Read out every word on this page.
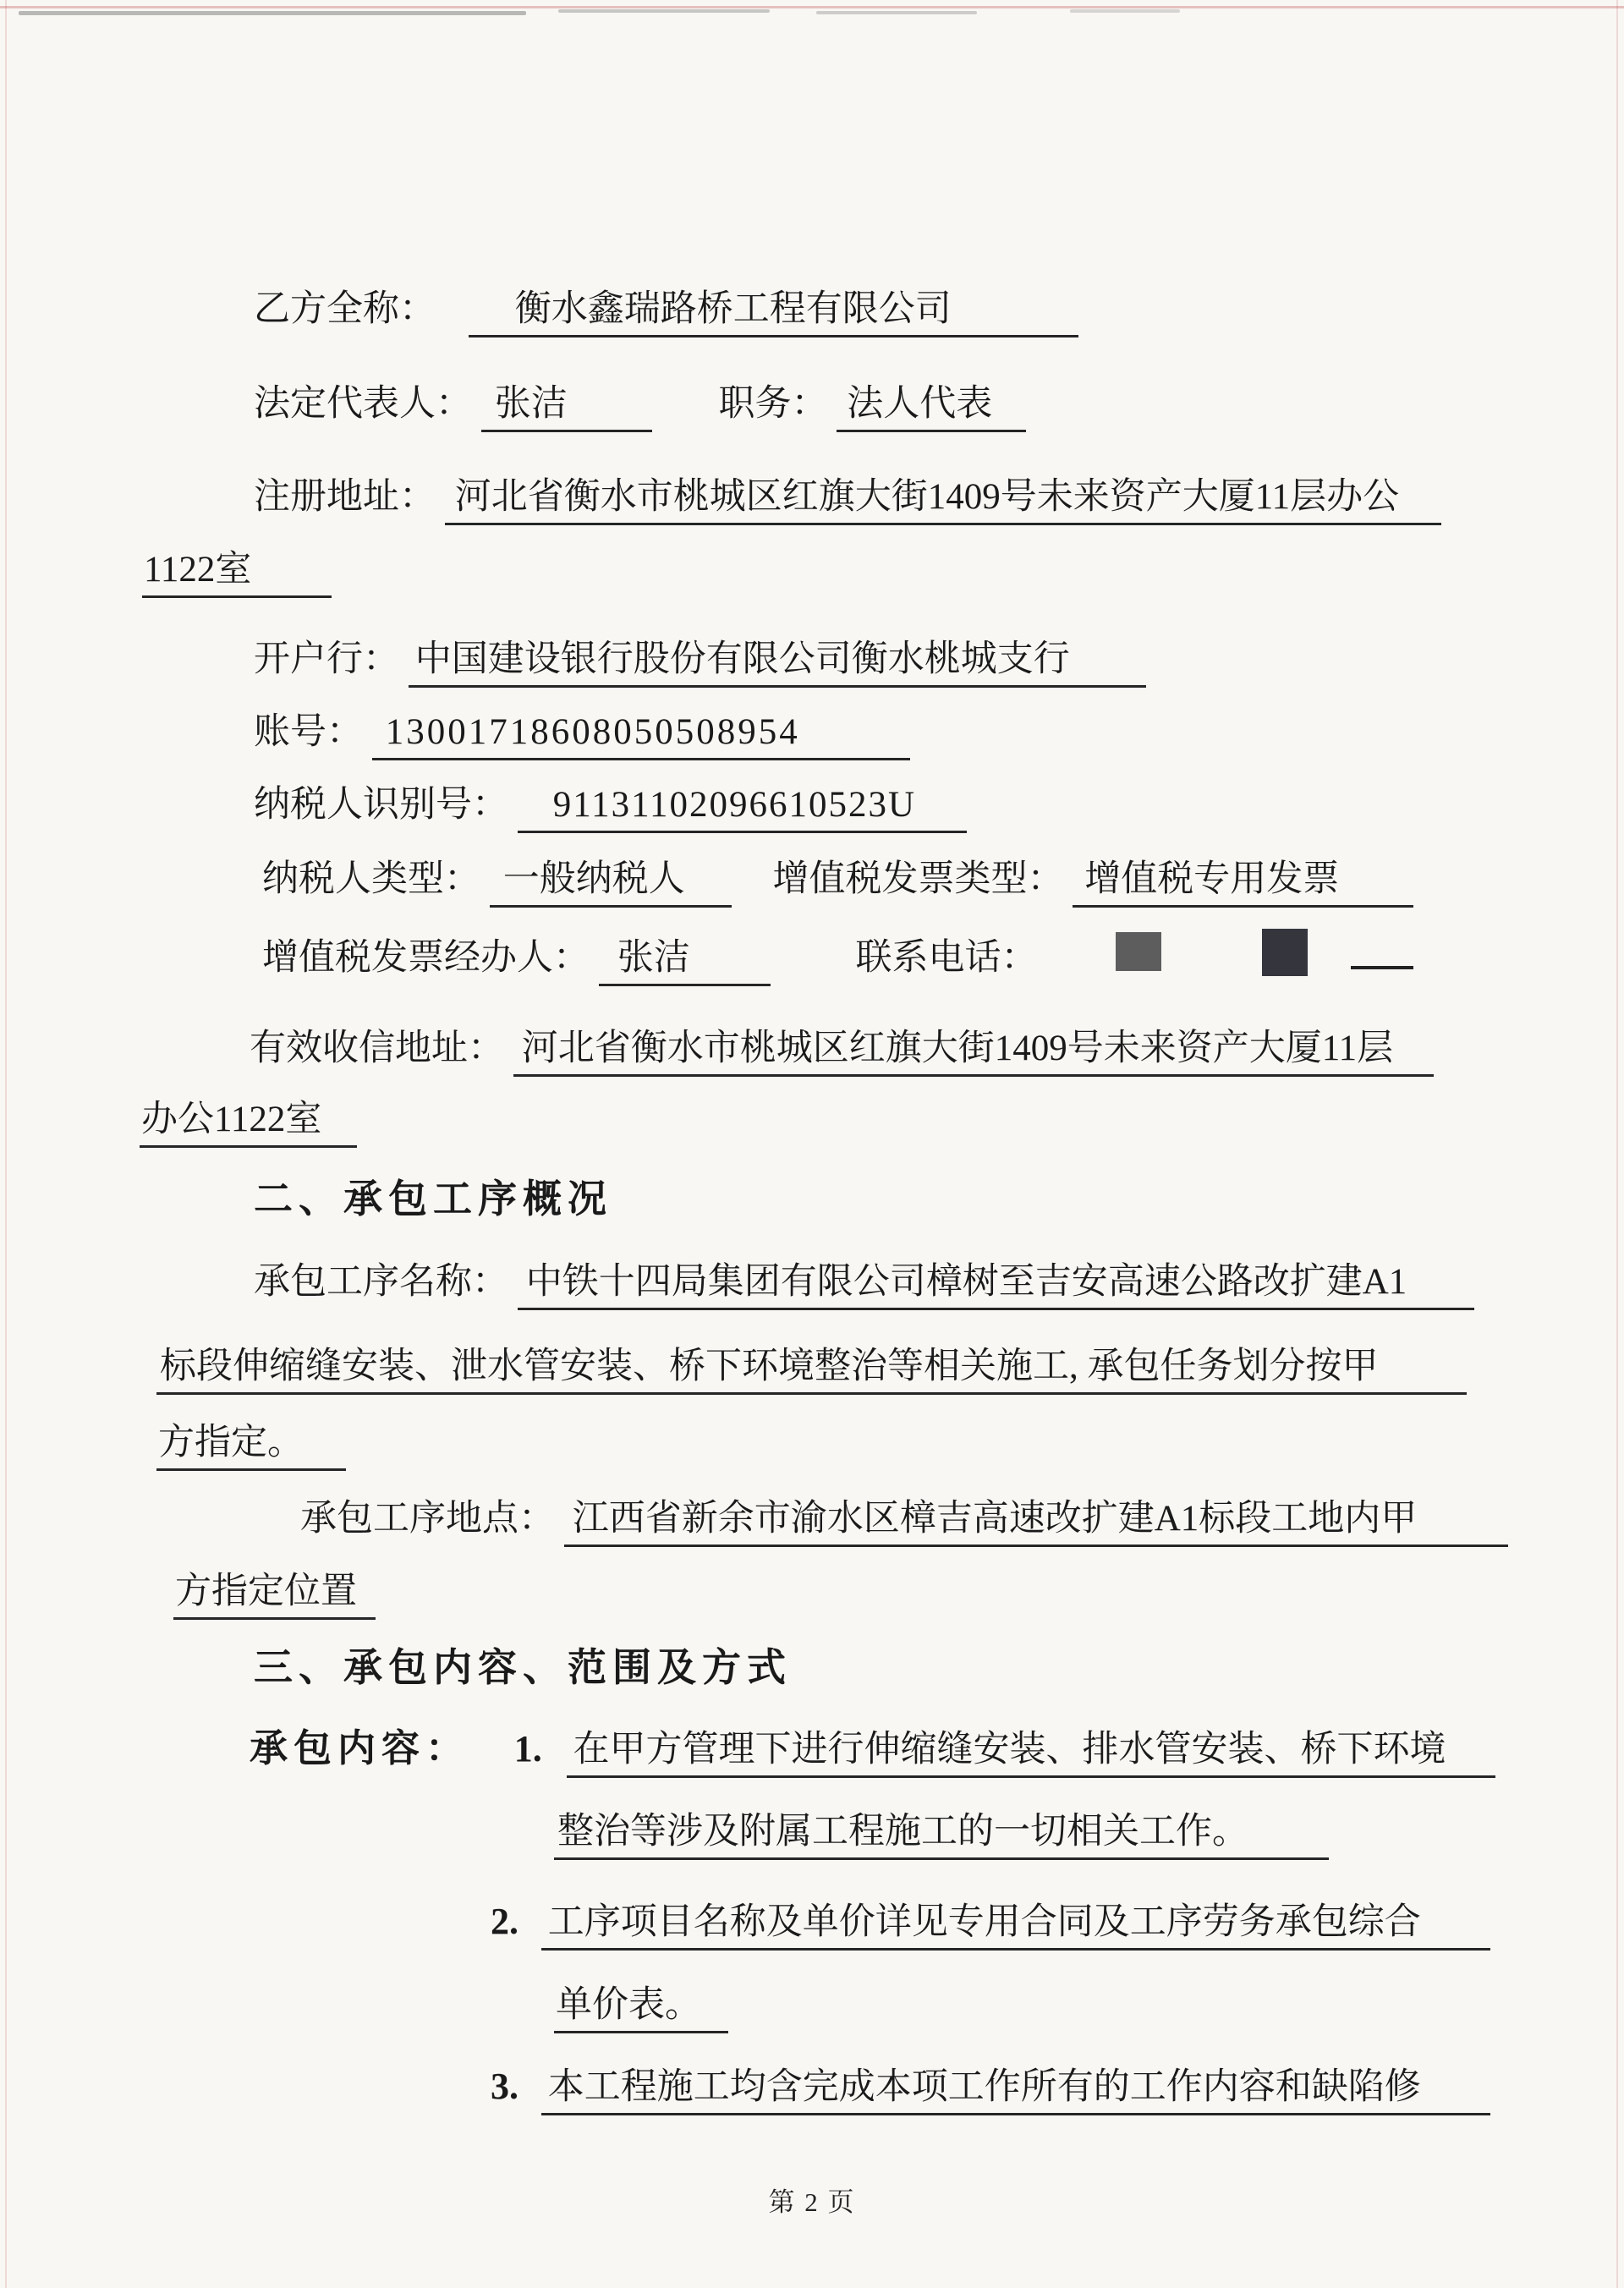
乙方全称： 衡水鑫瑞路桥工程有限公司
法定代表人： 张洁	职务： 法人代表
注册地址： 河北省衡水市桃城区红旗大街1409号未来资产大厦11层办公
1122室
开户行： 中国建设银行股份有限公司衡水桃城支行
账号： 13001718608050508954
纳税人识别号： 91131102096610523U
纳税人类型： 一般纳税人 增值税发票类型： 增值税专用发票
增值税发票经办人： 张洁	联系电话：
有效收信地址： 河北省衡水市桃城区红旗大街1409号未来资产大厦11层
办公1122室
二、承包工序概况
承包工序名称： 中铁十四局集团有限公司樟树至吉安高速公路改扩建A1
标段伸缩缝安装、泄水管安装、桥下环境整治等相关施工, 承包任务划分按甲
方指定。
承包工序地点： 江西省新余市渝水区樟吉高速改扩建A1标段工地内甲
方指定位置
三、承包内容、范围及方式
承包内容： 1. 在甲方管理下进行伸缩缝安装、排水管安装、桥下环境
整治等涉及附属工程施工的一切相关工作。
2. 工序项目名称及单价详见专用合同及工序劳务承包综合
单价表。
3. 本工程施工均含完成本项工作所有的工作内容和缺陷修
第 2 页
